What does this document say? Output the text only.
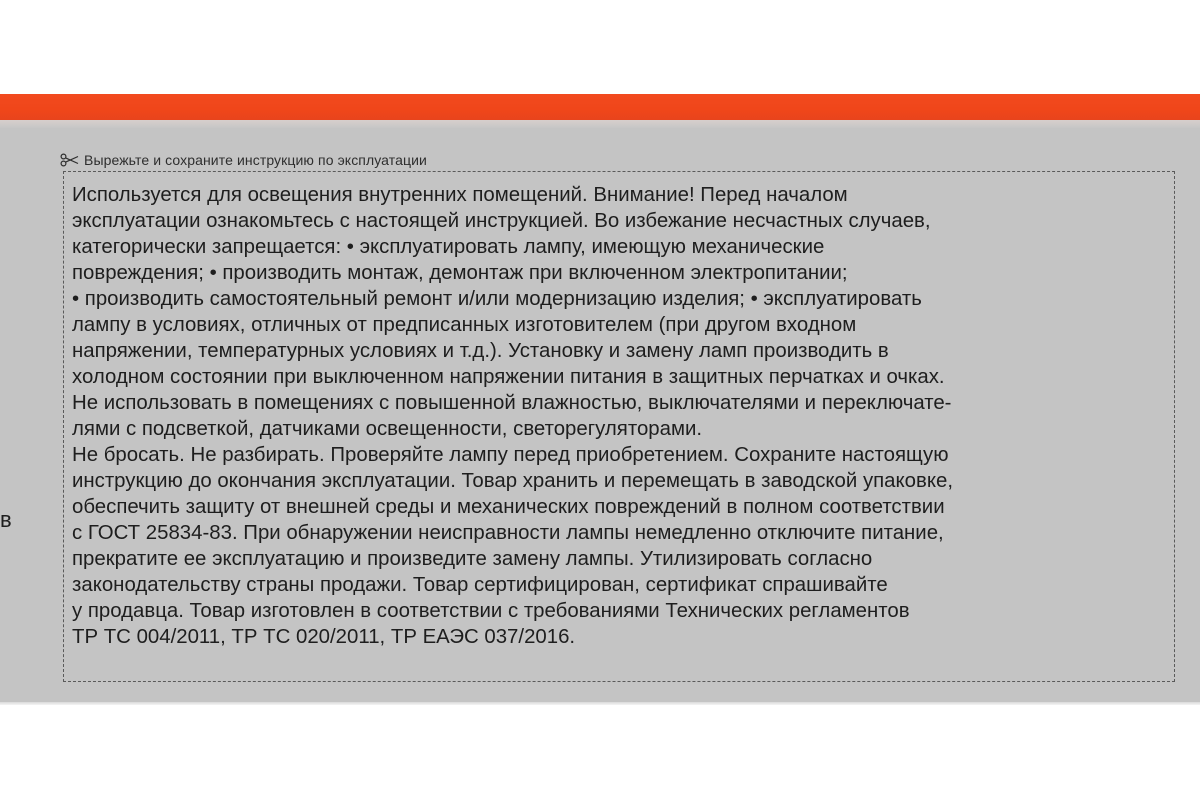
Вырежьте и сохраните инструкцию по эксплуатации
Используется для освещения внутренних помещений. Внимание! Перед началом
эксплуатации ознакомьтесь с настоящей инструкцией. Во избежание несчастных случаев,
категорически запрещается: • эксплуатировать лампу, имеющую механические
повреждения; • производить монтаж, демонтаж при включенном электропитании;
• производить самостоятельный ремонт и/или модернизацию изделия; • эксплуатировать
лампу в условиях, отличных от предписанных изготовителем (при другом входном
напряжении, температурных условиях и т.д.). Установку и замену ламп производить в
холодном состоянии при выключенном напряжении питания в защитных перчатках и очках.
Не использовать в помещениях с повышенной влажностью, выключателями и переключате-
лями с подсветкой, датчиками освещенности, светорегуляторами.
Не бросать. Не разбирать. Проверяйте лампу перед приобретением. Сохраните настоящую
инструкцию до окончания эксплуатации. Товар хранить и перемещать в заводской упаковке,
обеспечить защиту от внешней среды и механических повреждений в полном соответствии
с ГОСТ 25834-83. При обнаружении неисправности лампы немедленно отключите питание,
прекратите ее эксплуатацию и произведите замену лампы. Утилизировать согласно
законодательству страны продажи. Товар сертифицирован, сертификат спрашивайте
у продавца. Товар изготовлен в соответствии с требованиями Технических регламентов
ТР ТС 004/2011, ТР ТС 020/2011, ТР ЕАЭС 037/2016.
в
